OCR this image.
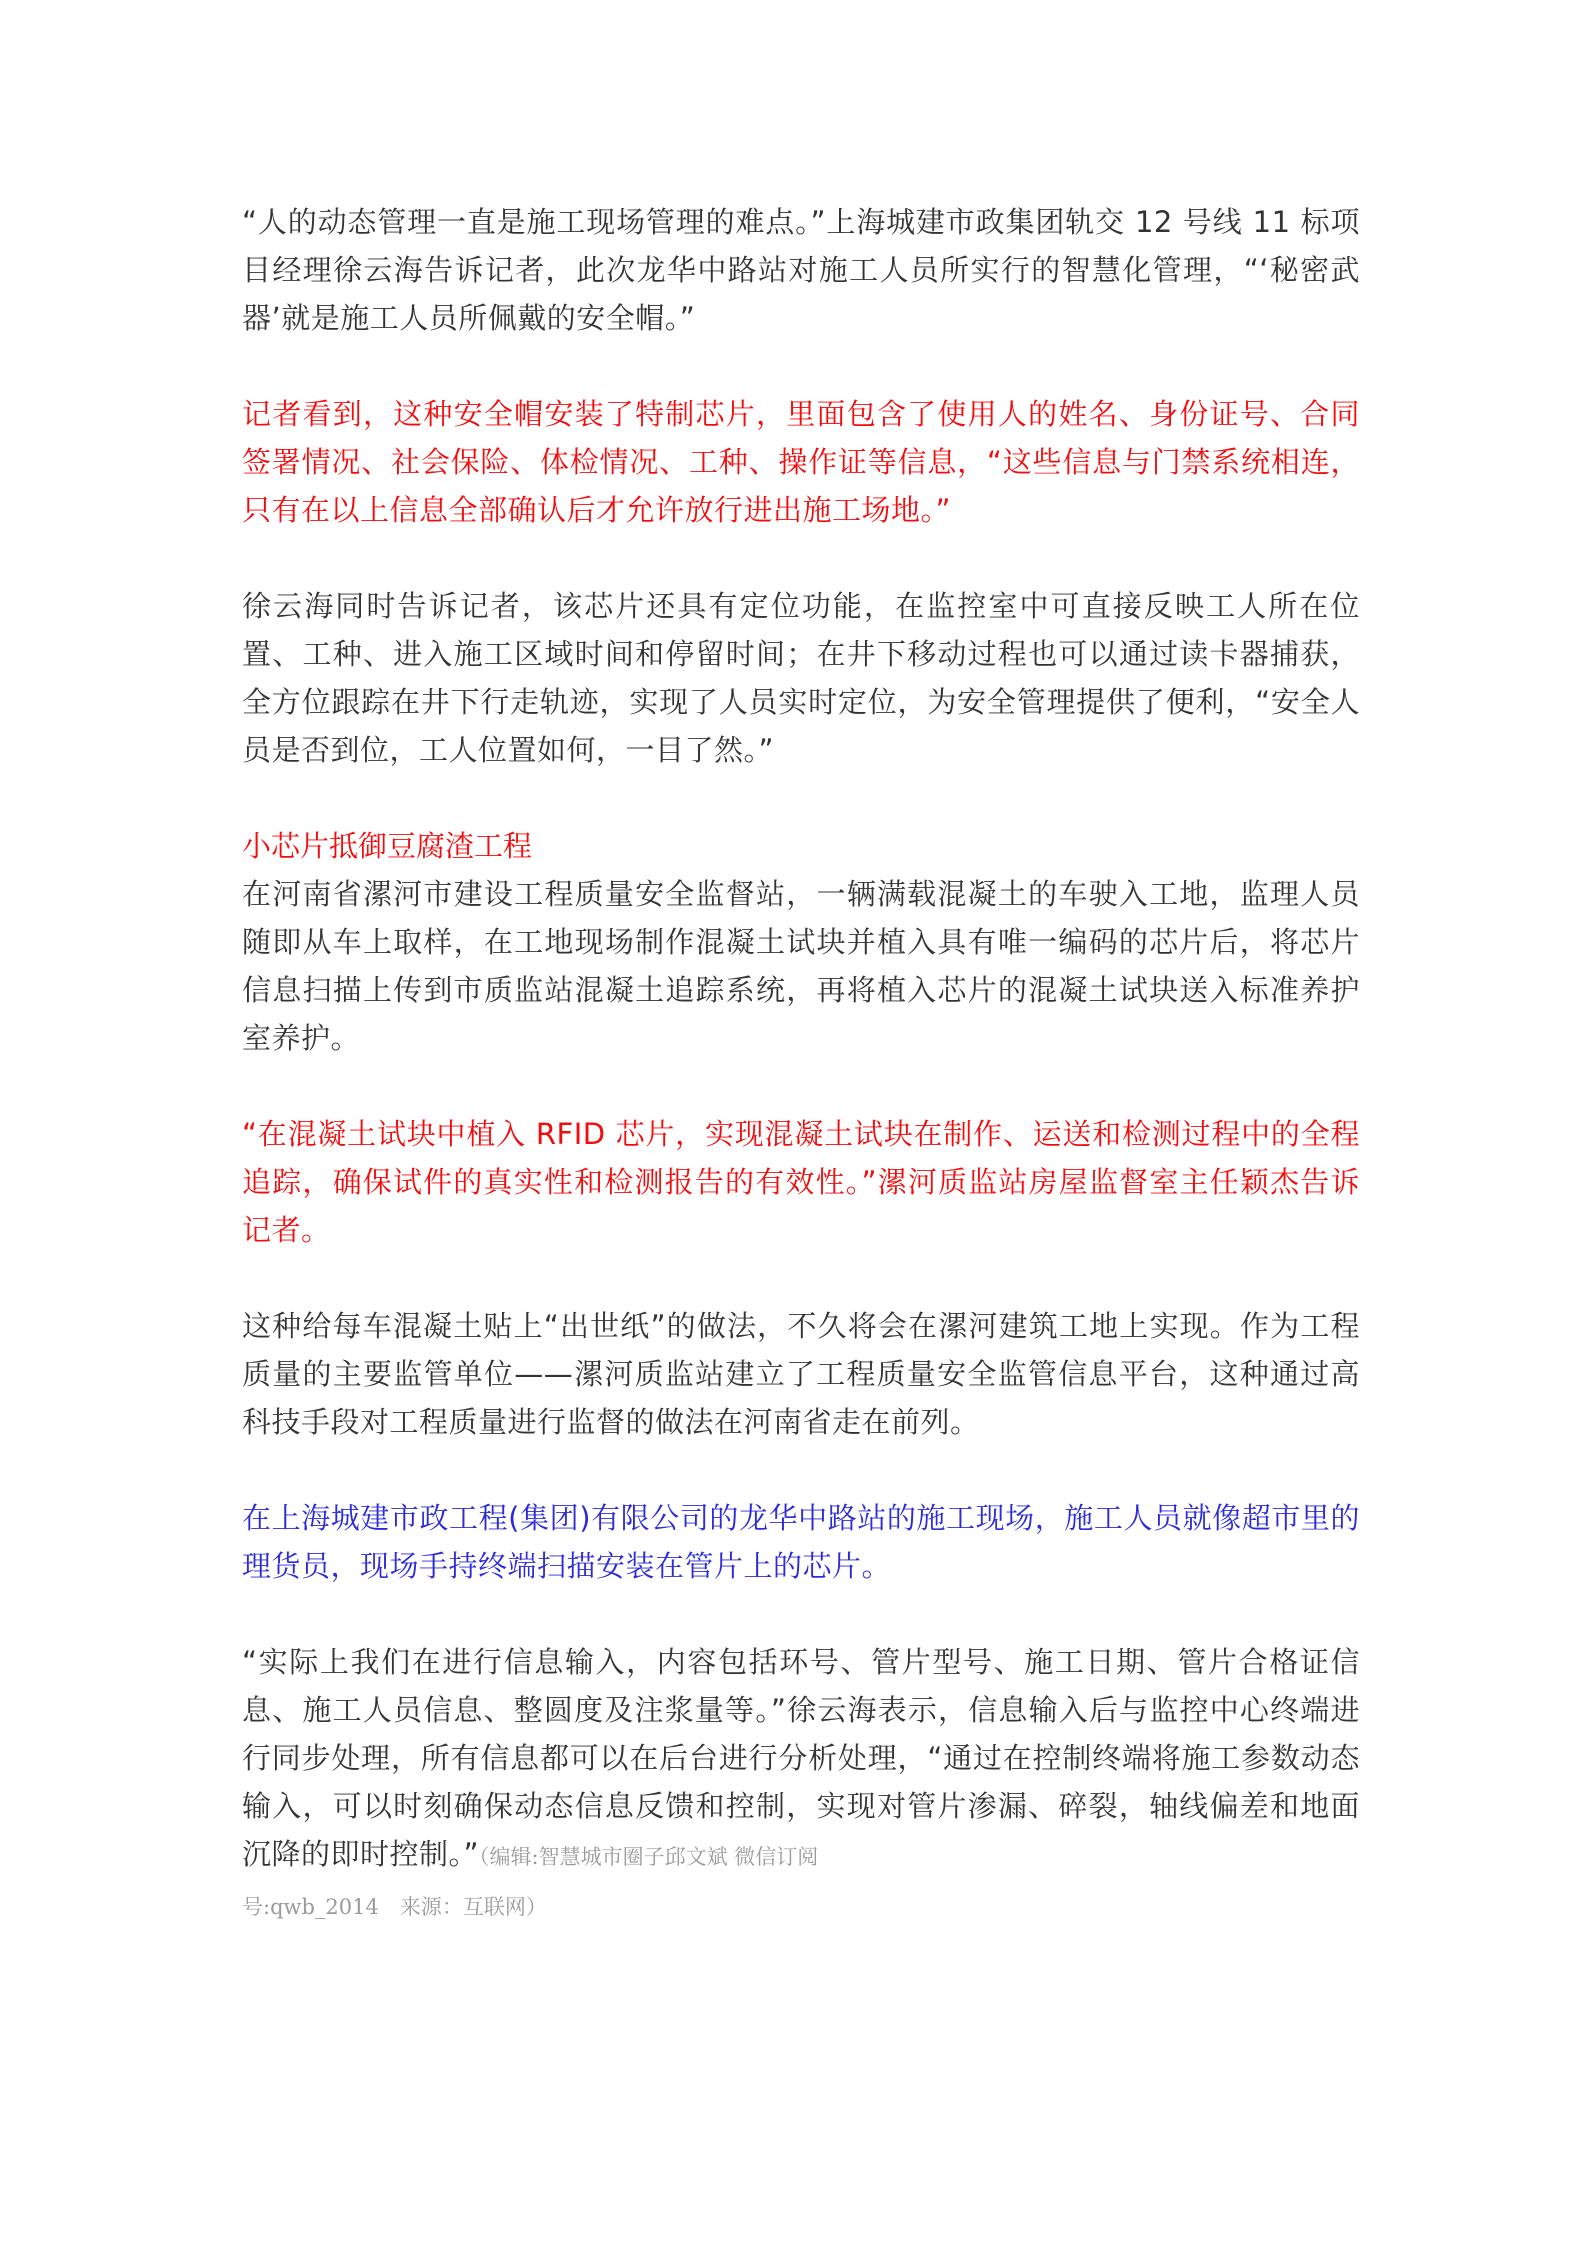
“人的动态管理一直是施工现场管理的难点。”上海城建市政集团轨交 12 号线 11 标项目经理徐云海告诉记者，此次龙华中路站对施工人员所实行的智慧化管理，“‘秘密武器’就是施工人员所佩戴的安全帽。”

记者看到，这种安全帽安装了特制芯片，里面包含了使用人的姓名、身份证号、合同签署情况、社会保险、体检情况、工种、操作证等信息，“这些信息与门禁系统相连，只有在以上信息全部确认后才允许放行进出施工场地。”

徐云海同时告诉记者，该芯片还具有定位功能，在监控室中可直接反映工人所在位置、工种、进入施工区域时间和停留时间；在井下移动过程也可以通过读卡器捕获，全方位跟踪在井下行走轨迹，实现了人员实时定位，为安全管理提供了便利，“安全人员是否到位，工人位置如何，一目了然。”

小芯片抵御豆腐渣工程

在河南省漯河市建设工程质量安全监督站，一辆满载混凝土的车驶入工地，监理人员随即从车上取样，在工地现场制作混凝土试块并植入具有唯一编码的芯片后，将芯片信息扫描上传到市质监站混凝土追踪系统，再将植入芯片的混凝土试块送入标准养护室养护。

“在混凝土试块中植入 RFID 芯片，实现混凝土试块在制作、运送和检测过程中的全程追踪，确保试件的真实性和检测报告的有效性。”漯河质监站房屋监督室主任颖杰告诉记者。

这种给每车混凝土贴上“出世纸”的做法，不久将会在漯河建筑工地上实现。作为工程质量的主要监管单位——漯河质监站建立了工程质量安全监管信息平台，这种通过高科技手段对工程质量进行监督的做法在河南省走在前列。

在上海城建市政工程(集团)有限公司的龙华中路站的施工现场，施工人员就像超市里的理货员，现场手持终端扫描安装在管片上的芯片。

“实际上我们在进行信息输入，内容包括环号、管片型号、施工日期、管片合格证信息、施工人员信息、整圆度及注浆量等。”徐云海表示，信息输入后与监控中心终端进行同步处理，所有信息都可以在后台进行分析处理，“通过在控制终端将施工参数动态输入，可以时刻确保动态信息反馈和控制，实现对管片渗漏、碎裂，轴线偏差和地面沉降的即时控制。”（编辑:智慧城市圈子邱文斌 微信订阅

号:qwb_2014　来源：互联网）
